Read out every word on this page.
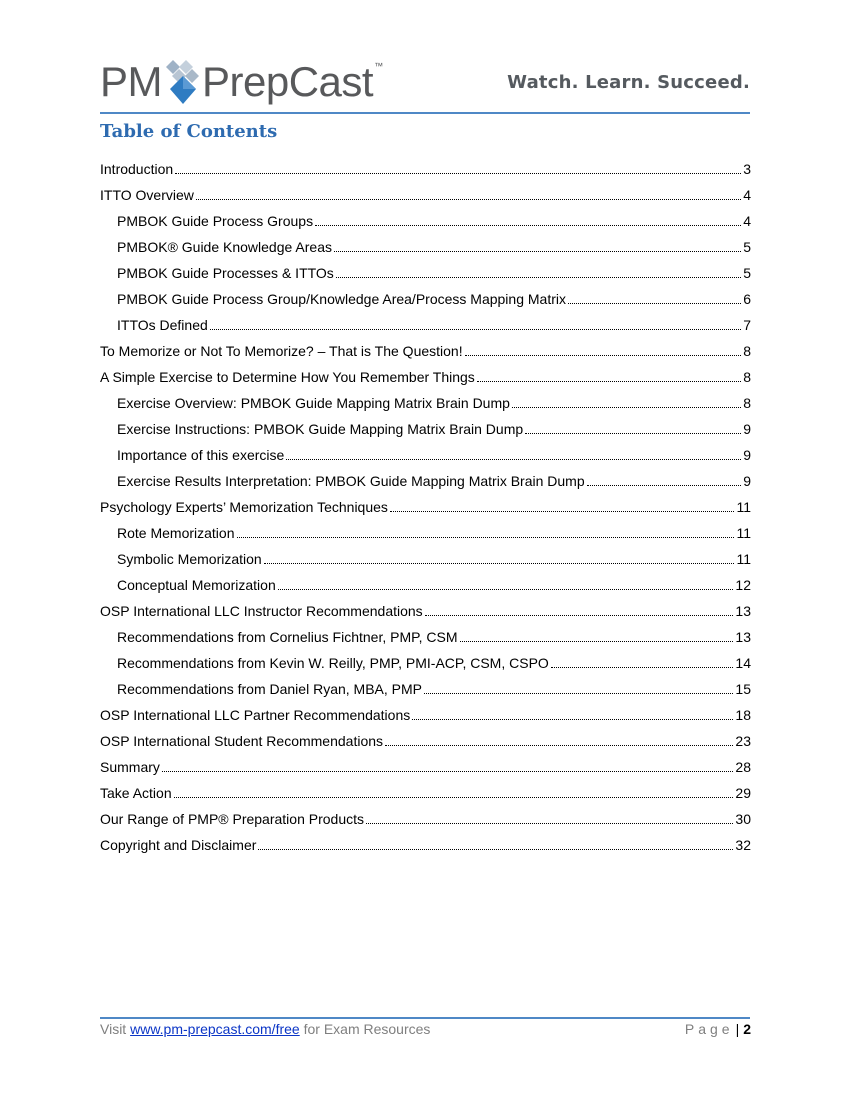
PM PrepCast ™
Watch. Learn. Succeed.
Table of Contents
Introduction	3
ITTO Overview	4
PMBOK Guide Process Groups	4
PMBOK® Guide Knowledge Areas	5
PMBOK Guide Processes & ITTOs	5
PMBOK Guide Process Group/Knowledge Area/Process Mapping Matrix	6
ITTOs Defined	7
To Memorize or Not To Memorize? – That is The Question!	8
A Simple Exercise to Determine How You Remember Things	8
Exercise Overview: PMBOK Guide Mapping Matrix Brain Dump	8
Exercise Instructions: PMBOK Guide Mapping Matrix Brain Dump	9
Importance of this exercise	9
Exercise Results Interpretation: PMBOK Guide Mapping Matrix Brain Dump	9
Psychology Experts’ Memorization Techniques	11
Rote Memorization	11
Symbolic Memorization	11
Conceptual Memorization	12
OSP International LLC Instructor Recommendations	13
Recommendations from Cornelius Fichtner, PMP, CSM	13
Recommendations from Kevin W. Reilly, PMP, PMI-ACP, CSM, CSPO	14
Recommendations from Daniel Ryan, MBA, PMP	15
OSP International LLC Partner Recommendations	18
OSP International Student Recommendations	23
Summary	28
Take Action	29
Our Range of PMP® Preparation Products	30
Copyright and Disclaimer	32
Visit www.pm-prepcast.com/free for Exam Resources	Page | 2
